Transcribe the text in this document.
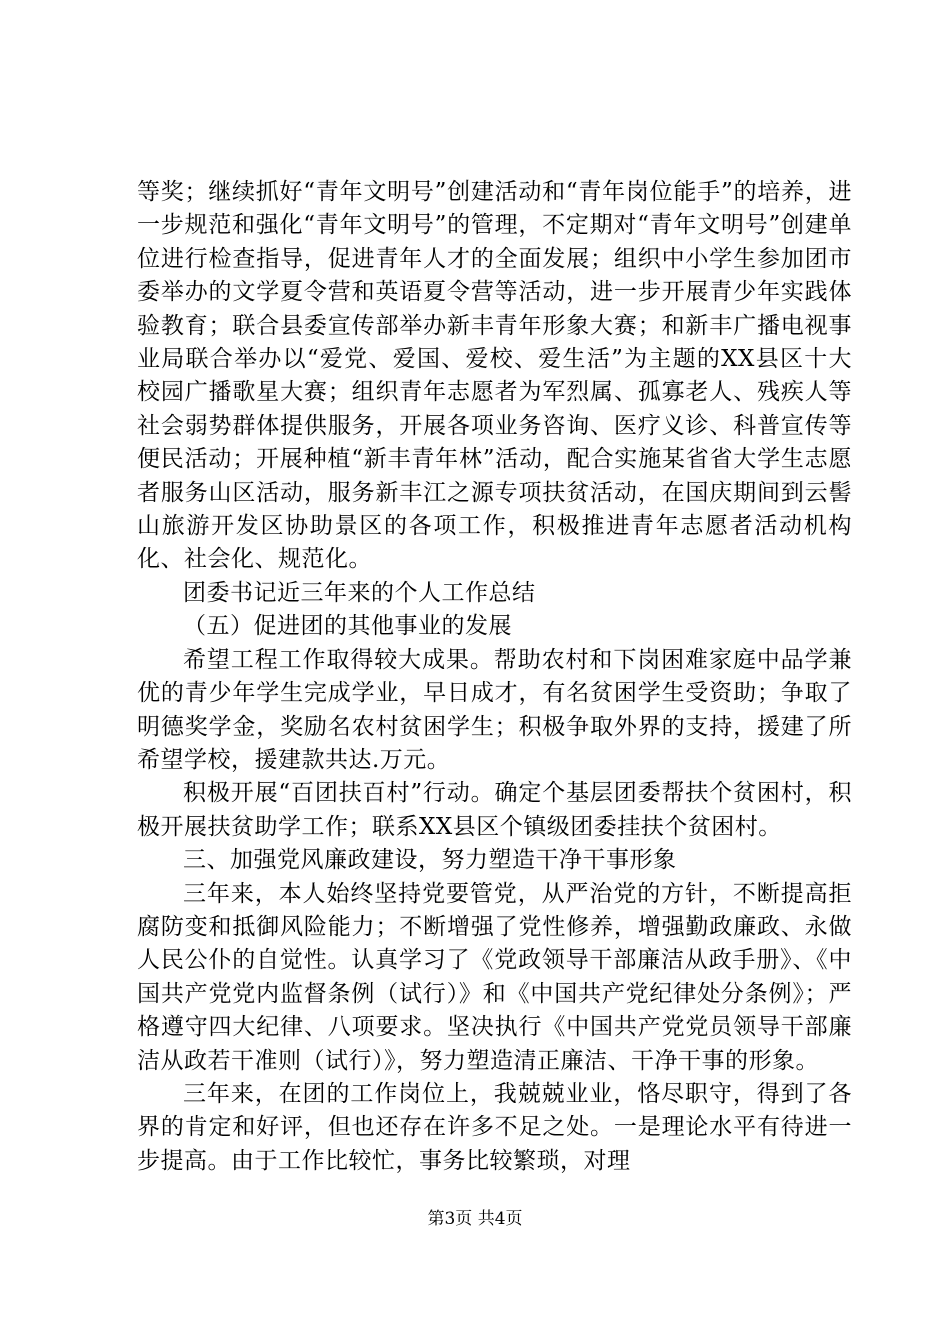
等奖；继续抓好“青年文明号”创建活动和“青年岗位能手”的培养，进一步规范和强化“青年文明号”的管理，不定期对“青年文明号”创建单位进行检查指导，促进青年人才的全面发展；组织中小学生参加团市委举办的文学夏令营和英语夏令营等活动，进一步开展青少年实践体验教育；联合县委宣传部举办新丰青年形象大赛；和新丰广播电视事业局联合举办以“爱党、爱国、爱校、爱生活”为主题的XX县区十大校园广播歌星大赛；组织青年志愿者为军烈属、孤寡老人、残疾人等社会弱势群体提供服务，开展各项业务咨询、医疗义诊、科普宣传等便民活动；开展种植“新丰青年林”活动，配合实施某省省大学生志愿者服务山区活动，服务新丰江之源专项扶贫活动，在国庆期间到云髻山旅游开发区协助景区的各项工作，积极推进青年志愿者活动机构化、社会化、规范化。

团委书记近三年来的个人工作总结

（五）促进团的其他事业的发展

希望工程工作取得较大成果。帮助农村和下岗困难家庭中品学兼优的青少年学生完成学业，早日成才，有名贫困学生受资助；争取了明德奖学金，奖励名农村贫困学生；积极争取外界的支持，援建了所希望学校，援建款共达.万元。

积极开展“百团扶百村”行动。确定个基层团委帮扶个贫困村，积极开展扶贫助学工作；联系XX县区个镇级团委挂扶个贫困村。

三、加强党风廉政建设，努力塑造干净干事形象

三年来，本人始终坚持党要管党，从严治党的方针，不断提高拒腐防变和抵御风险能力；不断增强了党性修养，增强勤政廉政、永做人民公仆的自觉性。认真学习了《党政领导干部廉洁从政手册》、《中国共产党党内监督条例（试行）》和《中国共产党纪律处分条例》；严格遵守四大纪律、八项要求。坚决执行《中国共产党党员领导干部廉洁从政若干准则（试行）》，努力塑造清正廉洁、干净干事的形象。

三年来，在团的工作岗位上，我兢兢业业，恪尽职守，得到了各界的肯定和好评，但也还存在许多不足之处。一是理论水平有待进一步提高。由于工作比较忙，事务比较繁琐，对理

第3页 共4页
